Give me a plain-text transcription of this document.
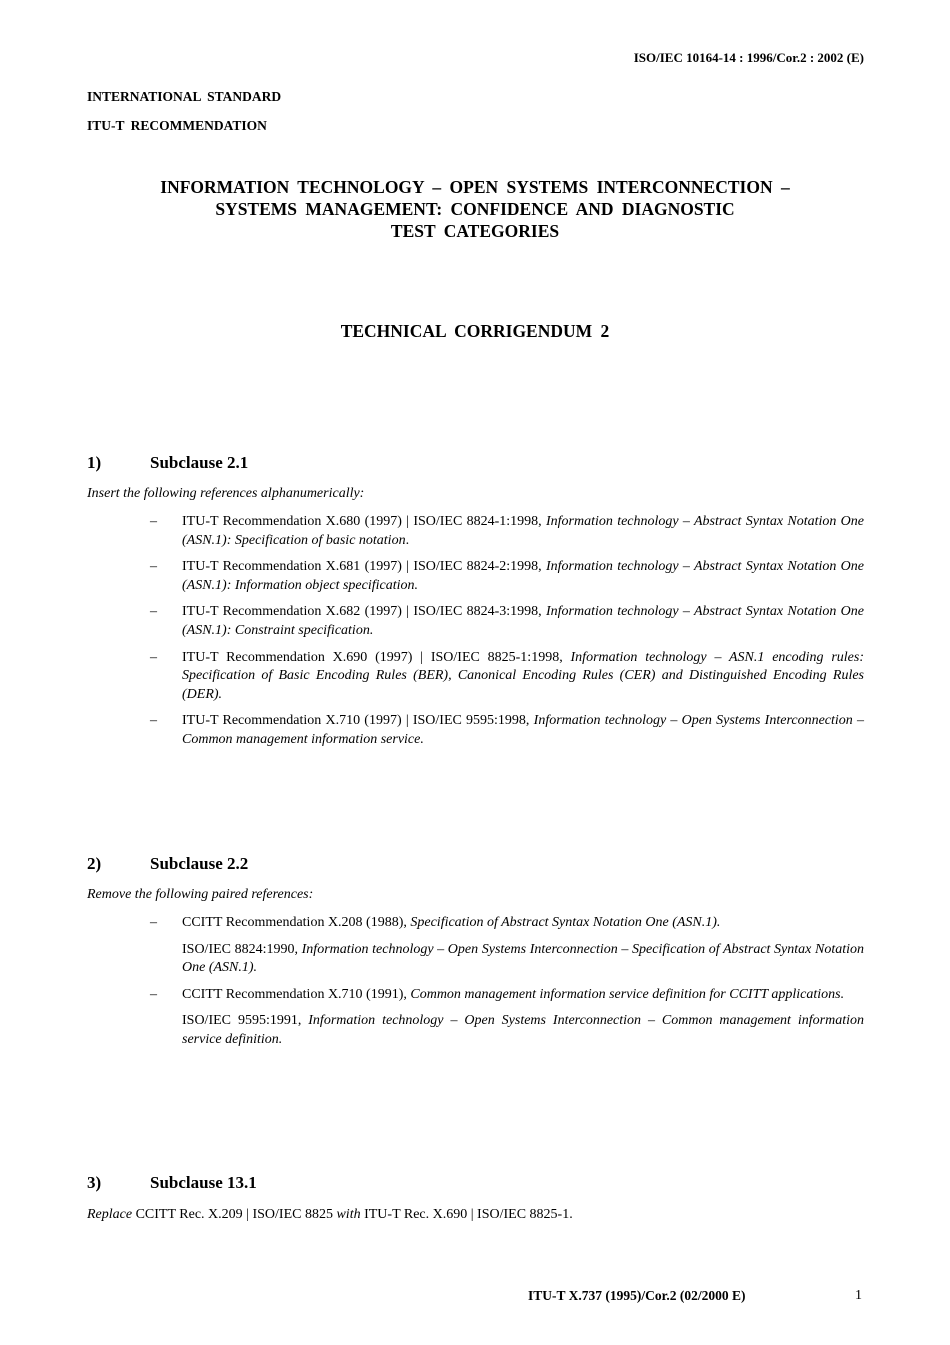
ISO/IEC 10164-14 : 1996/Cor.2 : 2002 (E)
INTERNATIONAL STANDARD
ITU-T RECOMMENDATION
INFORMATION TECHNOLOGY – OPEN SYSTEMS INTERCONNECTION –
SYSTEMS MANAGEMENT: CONFIDENCE AND DIAGNOSTIC
TEST CATEGORIES
TECHNICAL CORRIGENDUM 2
1)	Subclause 2.1
Insert the following references alphanumerically:
– ITU-T Recommendation X.680 (1997) | ISO/IEC 8824-1:1998, Information technology – Abstract Syntax Notation One (ASN.1): Specification of basic notation.
– ITU-T Recommendation X.681 (1997) | ISO/IEC 8824-2:1998, Information technology – Abstract Syntax Notation One (ASN.1): Information object specification.
– ITU-T Recommendation X.682 (1997) | ISO/IEC 8824-3:1998, Information technology – Abstract Syntax Notation One (ASN.1): Constraint specification.
– ITU-T Recommendation X.690 (1997) | ISO/IEC 8825-1:1998, Information technology – ASN.1 encoding rules: Specification of Basic Encoding Rules (BER), Canonical Encoding Rules (CER) and Distinguished Encoding Rules (DER).
– ITU-T Recommendation X.710 (1997) | ISO/IEC 9595:1998, Information technology – Open Systems Interconnection – Common management information service.
2)	Subclause 2.2
Remove the following paired references:
– CCITT Recommendation X.208 (1988), Specification of Abstract Syntax Notation One (ASN.1).

ISO/IEC 8824:1990, Information technology – Open Systems Interconnection – Specification of Abstract Syntax Notation One (ASN.1).

– CCITT Recommendation X.710 (1991), Common management information service definition for CCITT applications.

ISO/IEC 9595:1991, Information technology – Open Systems Interconnection – Common management information service definition.

3)	Subclause 13.1
Replace CCITT Rec. X.209 | ISO/IEC 8825 with ITU-T Rec. X.690 | ISO/IEC 8825-1.
ITU-T X.737 (1995)/Cor.2 (02/2000 E)	1
